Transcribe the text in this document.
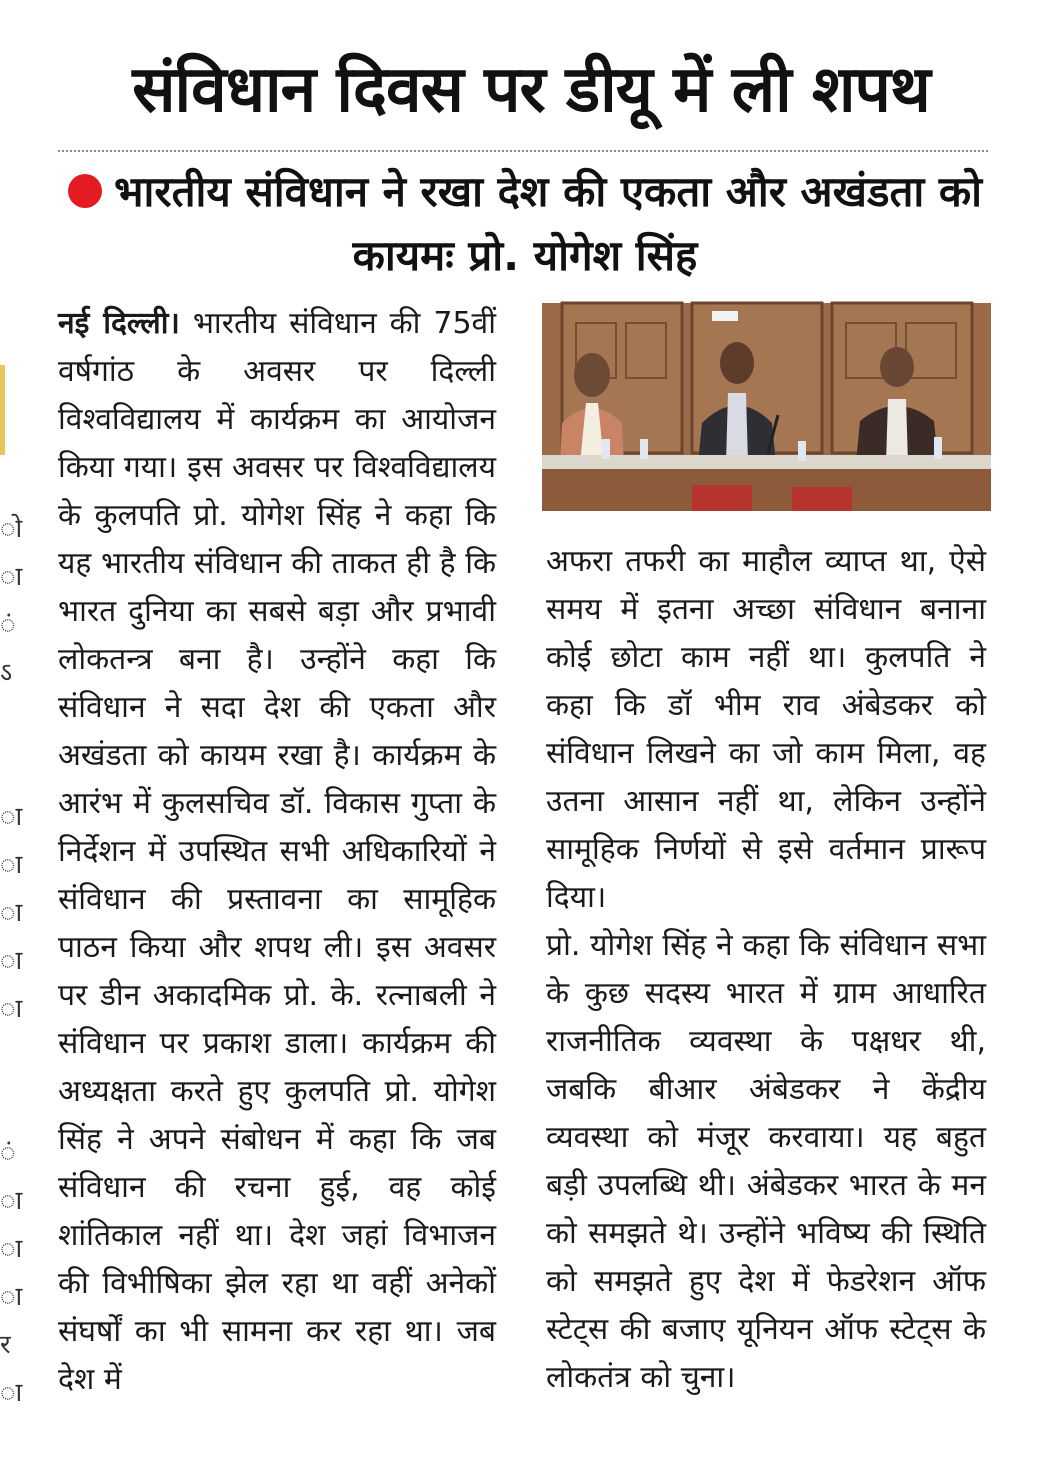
संविधान दिवस पर डीयू में ली शपथ
भारतीय संविधान ने रखा देश की एकता और अखंडता को कायमः प्रो. योगेश सिंह
ो
ा
ं
ऽ
ा
ा
ा
ा
ा
ं
ा
ा
ा
र
ा
नई दिल्ली। भारतीय संविधान की 75वीं वर्षगांठ के अवसर पर दिल्ली विश्वविद्यालय में कार्यक्रम का आयोजन किया गया। इस अवसर पर विश्वविद्यालय के कुलपति प्रो. योगेश सिंह ने कहा कि यह भारतीय संविधान की ताकत ही है कि भारत दुनिया का सबसे बड़ा और प्रभावी लोकतन्त्र बना है। उन्होंने कहा कि संविधान ने सदा देश की एकता और अखंडता को कायम रखा है। कार्यक्रम के आरंभ में कुलसचिव डॉ. विकास गुप्ता के निर्देशन में उपस्थित सभी अधिकारियों ने संविधान की प्रस्तावना का सामूहिक पाठन किया और शपथ ली। इस अवसर पर डीन अकादमिक प्रो. के. रत्नाबली ने संविधान पर प्रकाश डाला। कार्यक्रम की अध्यक्षता करते हुए कुलपति प्रो. योगेश सिंह ने अपने संबोधन में कहा कि जब संविधान की रचना हुई, वह कोई शांतिकाल नहीं था। देश जहां विभाजन की विभीषिका झेल रहा था वहीं अनेकों संघर्षों का भी सामना कर रहा था। जब देश में
अफरा तफरी का माहौल व्याप्त था, ऐसे समय में इतना अच्छा संविधान बनाना कोई छोटा काम नहीं था। कुलपति ने कहा कि डॉ भीम राव अंबेडकर को संविधान लिखने का जो काम मिला, वह उतना आसान नहीं था, लेकिन उन्होंने सामूहिक निर्णयों से इसे वर्तमान प्रारूप दिया।
प्रो. योगेश सिंह ने कहा कि संविधान सभा के कुछ सदस्य भारत में ग्राम आधारित राजनीतिक व्यवस्था के पक्षधर थी, जबकि बीआर अंबेडकर ने केंद्रीय व्यवस्था को मंजूर करवाया। यह बहुत बड़ी उपलब्धि थी। अंबेडकर भारत के मन को समझते थे। उन्होंने भविष्य की स्थिति को समझते हुए देश में फेडरेशन ऑफ स्टेट्स की बजाए यूनियन ऑफ स्टेट्स के लोकतंत्र को चुना।
